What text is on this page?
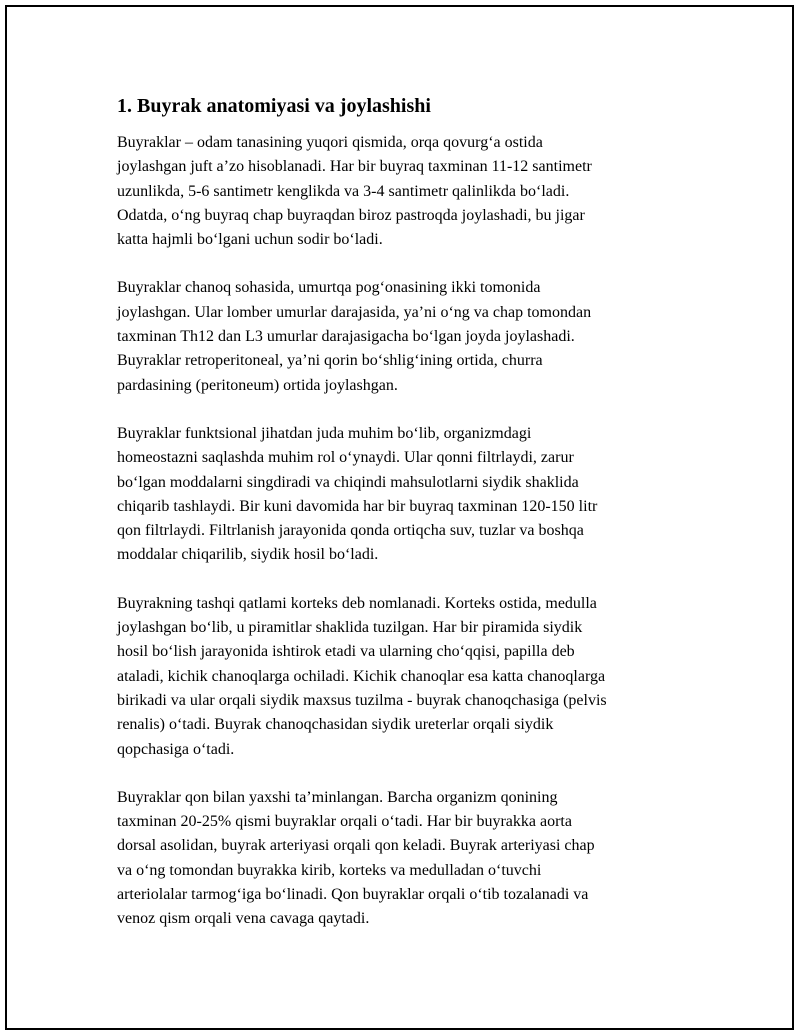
1. Buyrak anatomiyasi va joylashishi

Buyraklar – odam tanasining yuqori qismida, orqa qovurg‘a ostida
joylashgan juft a’zo hisoblanadi. Har bir buyraq taxminan 11-12 santimetr
uzunlikda, 5-6 santimetr kenglikda va 3-4 santimetr qalinlikda bo‘ladi.
Odatda, o‘ng buyraq chap buyraqdan biroz pastroqda joylashadi, bu jigar
katta hajmli bo‘lgani uchun sodir bo‘ladi.

Buyraklar chanoq sohasida, umurtqa pog‘onasining ikki tomonida
joylashgan. Ular lomber umurlar darajasida, ya’ni o‘ng va chap tomondan
taxminan Th12 dan L3 umurlar darajasigacha bo‘lgan joyda joylashadi.
Buyraklar retroperitoneal, ya’ni qorin bo‘shlig‘ining ortida, churra
pardasining (peritoneum) ortida joylashgan.

Buyraklar funktsional jihatdan juda muhim bo‘lib, organizmdagi
homeostazni saqlashda muhim rol o‘ynaydi. Ular qonni filtrlaydi, zarur
bo‘lgan moddalarni singdiradi va chiqindi mahsulotlarni siydik shaklida
chiqarib tashlaydi. Bir kuni davomida har bir buyraq taxminan 120-150 litr
qon filtrlaydi. Filtrlanish jarayonida qonda ortiqcha suv, tuzlar va boshqa
moddalar chiqarilib, siydik hosil bo‘ladi.

Buyrakning tashqi qatlami korteks deb nomlanadi. Korteks ostida, medulla
joylashgan bo‘lib, u piramitlar shaklida tuzilgan. Har bir piramida siydik
hosil bo‘lish jarayonida ishtirok etadi va ularning cho‘qqisi, papilla deb
ataladi, kichik chanoqlarga ochiladi. Kichik chanoqlar esa katta chanoqlarga
birikadi va ular orqali siydik maxsus tuzilma - buyrak chanoqchasiga (pelvis
renalis) o‘tadi. Buyrak chanoqchasidan siydik ureterlar orqali siydik
qopchasiga o‘tadi.

Buyraklar qon bilan yaxshi ta’minlangan. Barcha organizm qonining
taxminan 20-25% qismi buyraklar orqali o‘tadi. Har bir buyrakka aorta
dorsal asolidan, buyrak arteriyasi orqali qon keladi. Buyrak arteriyasi chap
va o‘ng tomondan buyrakka kirib, korteks va medulladan o‘tuvchi
arteriolalar tarmog‘iga bo‘linadi. Qon buyraklar orqali o‘tib tozalanadi va
venoz qism orqali vena cavaga qaytadi.
